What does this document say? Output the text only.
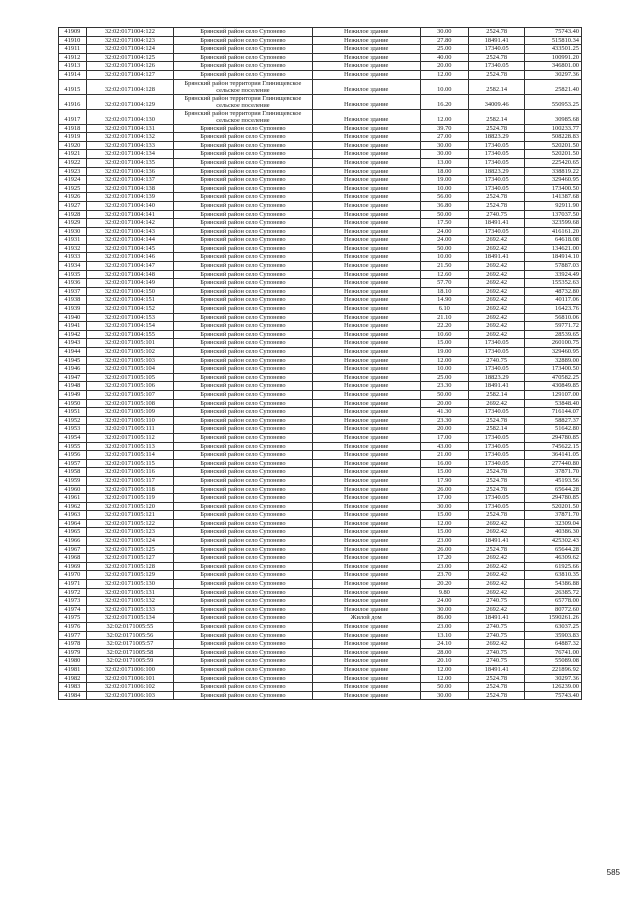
41909	32:02:0171004:122	Брянский район село Супонево	Нежилое здание	30.00	2524.78	75743.40
41910	32:02:0171004:123	Брянский район село Супонево	Нежилое здание	27.80	18491.41	515810.34
41911	32:02:0171004:124	Брянский район село Супонево	Нежилое здание	25.00	17340.05	433501.25
41912	32:02:0171004:125	Брянский район село Супонево	Нежилое здание	40.00	2524.78	100991.20
41913	32:02:0171004:126	Брянский район село Супонево	Нежилое здание	20.00	17340.05	346801.00
41914	32:02:0171004:127	Брянский район село Супонево	Нежилое здание	12.00	2524.78	30297.36
41915	32:02:0171004:128	Брянский район территория Глинищевское сельское поселение	Нежилое здание	10.00	2582.14	25821.40
41916	32:02:0171004:129	Брянский район территория Глинищевское сельское поселение	Нежилое здание	16.20	34009.46	550953.25
41917	32:02:0171004:130	Брянский район территория Глинищевское сельское поселение	Нежилое здание	12.00	2582.14	30985.68
41918	32:02:0171004:131	Брянский район село Супонево	Нежилое здание	39.70	2524.78	100233.77
41919	32:02:0171004:132	Брянский район село Супонево	Нежилое здание	27.00	18823.29	508228.83
41920	32:02:0171004:133	Брянский район село Супонево	Нежилое здание	30.00	17340.05	520201.50
41921	32:02:0171004:134	Брянский район село Супонево	Нежилое здание	30.00	17340.05	520201.50
41922	32:02:0171004:135	Брянский район село Супонево	Нежилое здание	13.00	17340.05	225420.65
41923	32:02:0171004:136	Брянский район село Супонево	Нежилое здание	18.00	18823.29	338819.22
41924	32:02:0171004:137	Брянский район село Супонево	Нежилое здание	19.00	17340.05	329460.95
41925	32:02:0171004:138	Брянский район село Супонево	Нежилое здание	10.00	17340.05	173400.50
41926	32:02:0171004:139	Брянский район село Супонево	Нежилое здание	56.00	2524.78	141387.68
41927	32:02:0171004:140	Брянский район село Супонево	Нежилое здание	36.80	2524.78	92911.90
41928	32:02:0171004:141	Брянский район село Супонево	Нежилое здание	50.00	2740.75	137037.50
41929	32:02:0171004:142	Брянский район село Супонево	Нежилое здание	17.50	18491.41	323599.68
41930	32:02:0171004:143	Брянский район село Супонево	Нежилое здание	24.00	17340.05	416161.20
41931	32:02:0171004:144	Брянский район село Супонево	Нежилое здание	24.00	2692.42	64618.08
41932	32:02:0171004:145	Брянский район село Супонево	Нежилое здание	50.00	2692.42	134621.00
41933	32:02:0171004:146	Брянский район село Супонево	Нежилое здание	10.00	18491.41	184914.10
41934	32:02:0171004:147	Брянский район село Супонево	Нежилое здание	21.50	2692.42	57887.03
41935	32:02:0171004:148	Брянский район село Супонево	Нежилое здание	12.60	2692.42	33924.49
41936	32:02:0171004:149	Брянский район село Супонево	Нежилое здание	57.70	2692.42	155352.63
41937	32:02:0171004:150	Брянский район село Супонево	Нежилое здание	18.10	2692.42	48732.80
41938	32:02:0171004:151	Брянский район село Супонево	Нежилое здание	14.90	2692.42	40117.06
41939	32:02:0171004:152	Брянский район село Супонево	Нежилое здание	6.10	2692.42	16423.76
41940	32:02:0171004:153	Брянский район село Супонево	Нежилое здание	21.10	2692.42	56810.06
41941	32:02:0171004:154	Брянский район село Супонево	Нежилое здание	22.20	2692.42	59771.72
41942	32:02:0171004:155	Брянский район село Супонево	Нежилое здание	10.60	2692.42	28539.65
41943	32:02:0171005:101	Брянский район село Супонево	Нежилое здание	15.00	17340.05	260100.75
41944	32:02:0171005:102	Брянский район село Супонево	Нежилое здание	19.00	17340.05	329460.95
41945	32:02:0171005:103	Брянский район село Супонево	Нежилое здание	12.00	2740.75	32889.00
41946	32:02:0171005:104	Брянский район село Супонево	Нежилое здание	10.00	17340.05	173400.50
41947	32:02:0171005:105	Брянский район село Супонево	Нежилое здание	25.00	18823.29	470582.25
41948	32:02:0171005:106	Брянский район село Супонево	Нежилое здание	23.30	18491.41	430849.85
41949	32:02:0171005:107	Брянский район село Супонево	Нежилое здание	50.00	2582.14	129107.00
41950	32:02:0171005:108	Брянский район село Супонево	Нежилое здание	20.00	2692.42	53848.40
41951	32:02:0171005:109	Брянский район село Супонево	Нежилое здание	41.30	17340.05	716144.07
41952	32:02:0171005:110	Брянский район село Супонево	Нежилое здание	23.30	2524.78	58827.37
41953	32:02:0171005:111	Брянский район село Супонево	Нежилое здание	20.00	2582.14	51642.80
41954	32:02:0171005:112	Брянский район село Супонево	Нежилое здание	17.00	17340.05	294780.85
41955	32:02:0171005:113	Брянский район село Супонево	Нежилое здание	43.00	17340.05	745622.15
41956	32:02:0171005:114	Брянский район село Супонево	Нежилое здание	21.00	17340.05	364141.05
41957	32:02:0171005:115	Брянский район село Супонево	Нежилое здание	16.00	17340.05	277440.80
41958	32:02:0171005:116	Брянский район село Супонево	Нежилое здание	15.00	2524.78	37871.70
41959	32:02:0171005:117	Брянский район село Супонево	Нежилое здание	17.90	2524.78	45193.56
41960	32:02:0171005:118	Брянский район село Супонево	Нежилое здание	26.00	2524.78	65644.28
41961	32:02:0171005:119	Брянский район село Супонево	Нежилое здание	17.00	17340.05	294780.85
41962	32:02:0171005:120	Брянский район село Супонево	Нежилое здание	30.00	17340.05	520201.50
41963	32:02:0171005:121	Брянский район село Супонево	Нежилое здание	15.00	2524.78	37871.70
41964	32:02:0171005:122	Брянский район село Супонево	Нежилое здание	12.00	2692.42	32309.04
41965	32:02:0171005:123	Брянский район село Супонево	Нежилое здание	15.00	2692.42	40386.30
41966	32:02:0171005:124	Брянский район село Супонево	Нежилое здание	23.00	18491.41	425302.43
41967	32:02:0171005:125	Брянский район село Супонево	Нежилое здание	26.00	2524.78	65644.28
41968	32:02:0171005:127	Брянский район село Супонево	Нежилое здание	17.20	2692.42	46309.62
41969	32:02:0171005:128	Брянский район село Супонево	Нежилое здание	23.00	2692.42	61925.66
41970	32:02:0171005:129	Брянский район село Супонево	Нежилое здание	23.70	2692.42	63810.35
41971	32:02:0171005:130	Брянский район село Супонево	Нежилое здание	20.20	2692.42	54386.88
41972	32:02:0171005:131	Брянский район село Супонево	Нежилое здание	9.80	2692.42	26385.72
41973	32:02:0171005:132	Брянский район село Супонево	Нежилое здание	24.00	2740.75	65778.00
41974	32:02:0171005:133	Брянский район село Супонево	Нежилое здание	30.00	2692.42	80772.60
41975	32:02:0171005:134	Брянский район село Супонево	Жилой дом	86.00	18491.41	1590261.26
41976	32:02:0171005:55	Брянский район село Супонево	Нежилое здание	23.00	2740.75	63037.25
41977	32:02:0171005:56	Брянский район село Супонево	Нежилое здание	13.10	2740.75	35903.83
41978	32:02:0171005:57	Брянский район село Супонево	Нежилое здание	24.10	2692.42	64887.32
41979	32:02:0171005:58	Брянский район село Супонево	Нежилое здание	28.00	2740.75	76741.00
41980	32:02:0171005:59	Брянский район село Супонево	Нежилое здание	20.10	2740.75	55089.08
41981	32:02:0171006:100	Брянский район село Супонево	Нежилое здание	12.00	18491.41	221896.92
41982	32:02:0171006:101	Брянский район село Супонево	Нежилое здание	12.00	2524.78	30297.36
41983	32:02:0171006:102	Брянский район село Супонево	Нежилое здание	50.00	2524.78	126239.00
41984	32:02:0171006:103	Брянский район село Супонево	Нежилое здание	30.00	2524.78	75743.40
585
